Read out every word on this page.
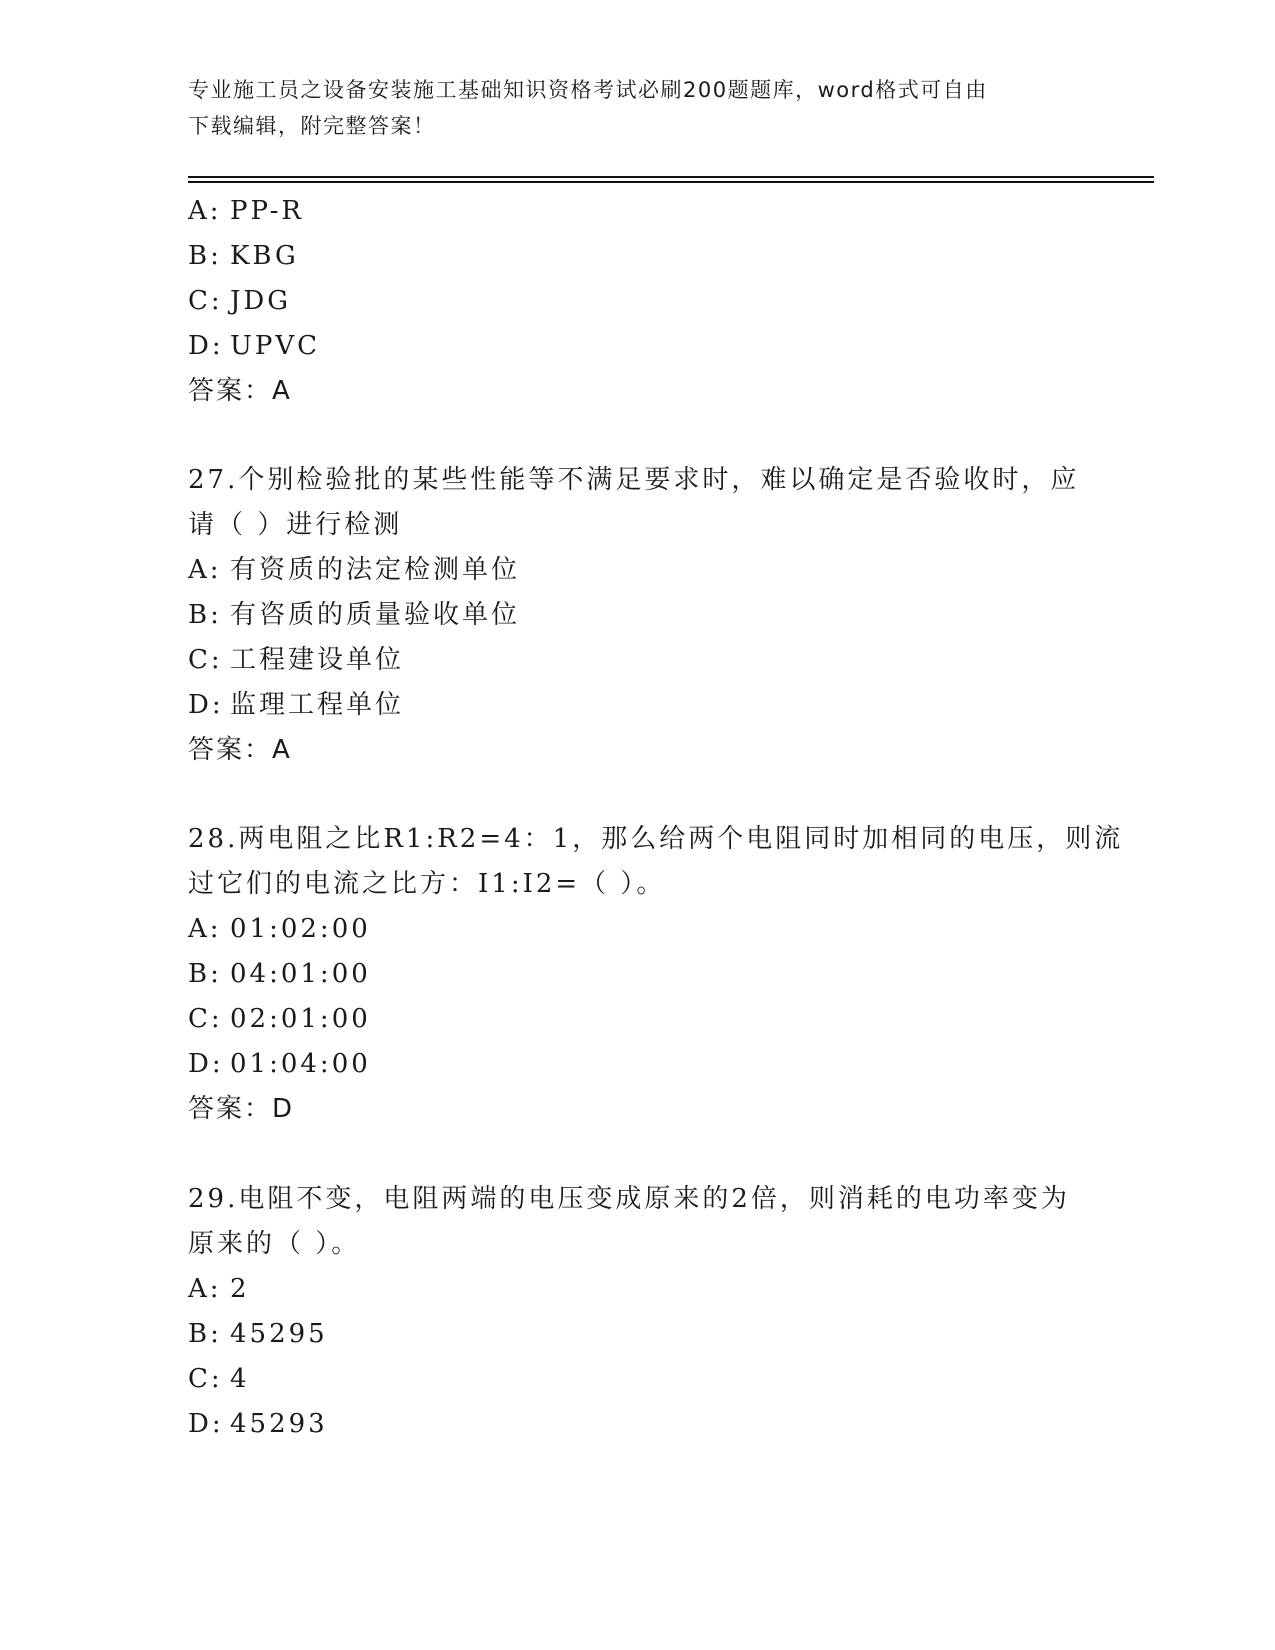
专业施工员之设备安装施工基础知识资格考试必刷200题题库，word格式可自由
下载编辑，附完整答案！
A: PP-R
B: KBG
C: JDG
D: UPVC
答案：A
27.个别检验批的某些性能等不满足要求时，难以确定是否验收时，应
请（ ）进行检测
A: 有资质的法定检测单位
B: 有咨质的质量验收单位
C: 工程建设单位
D: 监理工程单位
答案：A
28.两电阻之比R1:R2=4：1，那么给两个电阻同时加相同的电压，则流
过它们的电流之比方：I1:I2=（ ）。
A: 01:02:00
B: 04:01:00
C: 02:01:00
D: 01:04:00
答案：D
29.电阻不变，电阻两端的电压变成原来的2倍，则消耗的电功率变为
原来的（ ）。
A: 2
B: 45295
C: 4
D: 45293
